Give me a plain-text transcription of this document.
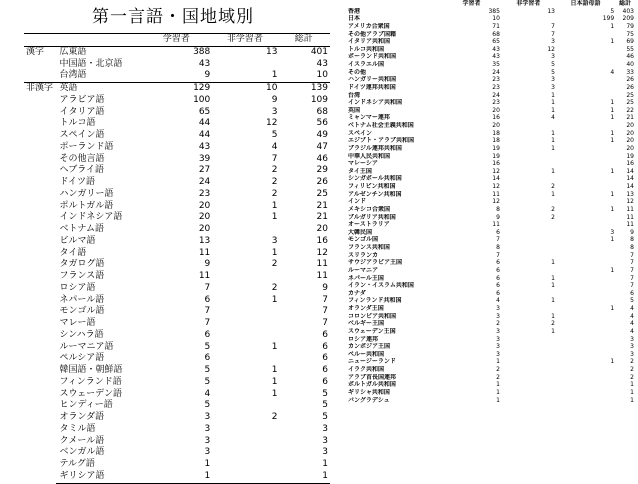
第一言語・国地域別
		学習者	非学習者	総計
漢字	広東語	388	13	401
	中国語・北京語	43		43
	台湾語	9	1	10
非漢字	英語	129	10	139
	アラビア語	100	9	109
	イタリア語	65	3	68
	トルコ語	44	12	56
	スペイン語	44	5	49
	ポーランド語	43	4	47
	その他言語	39	7	46
	ヘブライ語	27	2	29
	ドイツ語	24	2	26
	ハンガリー語	23	2	25
	ポルトガル語	20	1	21
	インドネシア語	20	1	21
	ベトナム語	20		20
	ビルマ語	13	3	16
	タイ語	11	1	12
	タガログ語	9	2	11
	フランス語	11		11
	ロシア語	7	2	9
	ネパール語	6	1	7
	モンゴル語	7		7
	マレー語	7		7
	シンハラ語	6		6
	ルーマニア語	5	1	6
	ペルシア語	6		6
	韓国語・朝鮮語	5	1	6
	フィンランド語	5	1	6
	スウェーデン語	4	1	5
	ヒンディー語	5		5
	オランダ語	3	2	5
	タミル語	3		3
	クメール語	3		3
	ベンガル語	3		3
	テルグ語	1		1
	ギリシア語	1		1
	学習者	非学習者	日本語母語	総計
香港	385	13	5	403
日本	10		199	209
アメリカ合衆国	71	7	1	79
その他アラブ国籍	68	7		75
イタリア共和国	65	3	1	69
トルコ共和国	43	12		55
ポーランド共和国	43	3		46
イスラエル国	35	5		40
その他	24	5	4	33
ハンガリー共和国	23	3		26
ドイツ連邦共和国	23	3		26
台湾	24	1		25
インドネシア共和国	23	1	1	25
英国	20	1	1	22
ミャンマー連邦	16	4	1	21
ベトナム社会主義共和国	20			20
スペイン	18	1	1	20
エジプト・アラブ共和国	18	1	1	20
ブラジル連邦共和国	19	1		20
中華人民共和国	19			19
マレーシア	16			16
タイ王国	12	1	1	14
シンガポール共和国	14			14
フィリピン共和国	12	2		14
アルゼンチン共和国	11	1	1	13
インド	12			12
メキシコ合衆国	8	2	1	11
ブルガリア共和国	9	2		11
オーストラリア	11			11
大韓民国	6		3	9
モンゴル国	7		1	8
フランス共和国	8			8
スリランカ	7			7
サウジアラビア王国	6	1		7
ルーマニア	6		1	7
ネパール王国	6	1		7
イラン・イスラム共和国	6	1		7
カナダ	6			6
フィンランド共和国	4	1		5
オランダ王国	3		1	4
コロンビア共和国	3	1		4
ベルギー王国	2	2		4
スウェーデン王国	3	1		4
ロシア連邦	3			3
カンボジア王国	3			3
ペルー共和国	3			3
ニュージーランド	1		1	2
イラク共和国	2			2
アラブ首長国連邦	2			2
ポルトガル共和国	1			1
ギリシャ共和国	1			1
バングラデシュ	1			1
